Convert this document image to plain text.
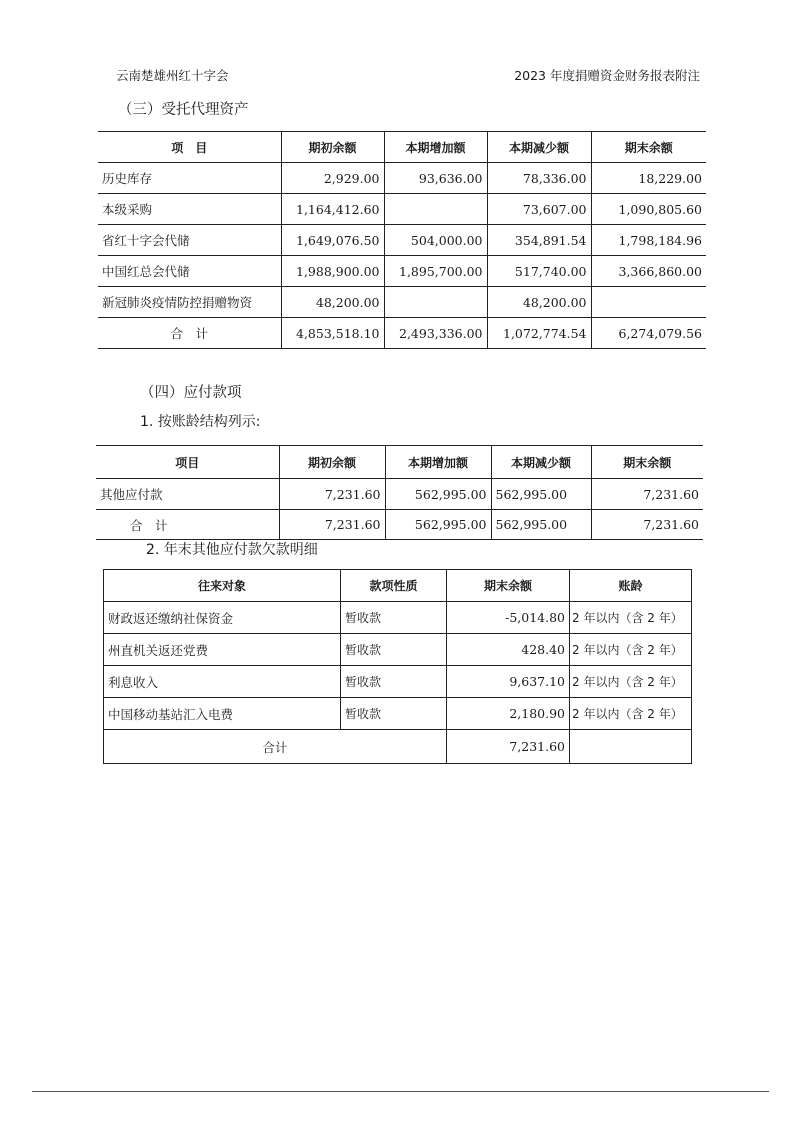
云南楚雄州红十字会	2023 年度捐赠资金财务报表附注
（三）受托代理资产
项　目	期初余额	本期增加额	本期减少额	期末余额
历史库存	2,929.00	93,636.00	78,336.00	18,229.00
本级采购	1,164,412.60		73,607.00	1,090,805.60
省红十字会代储	1,649,076.50	504,000.00	354,891.54	1,798,184.96
中国红总会代储	1,988,900.00	1,895,700.00	517,740.00	3,366,860.00
新冠肺炎疫情防控捐赠物资	48,200.00		48,200.00	
合　计	4,853,518.10	2,493,336.00	1,072,774.54	6,274,079.56
（四）应付款项
1. 按账龄结构列示:
项目	期初余额	本期增加额	本期减少额	期末余额
其他应付款	7,231.60	562,995.00	562,995.00	7,231.60
合　计	7,231.60	562,995.00	562,995.00	7,231.60
2. 年末其他应付款欠款明细
往来对象	款项性质	期末余额	账龄
财政返还缴纳社保资金	暂收款	-5,014.80	2 年以内（含 2 年）
州直机关返还党费	暂收款	428.40	2 年以内（含 2 年）
利息收入	暂收款	9,637.10	2 年以内（含 2 年）
中国移动基站汇入电费	暂收款	2,180.90	2 年以内（含 2 年）
合计		7,231.60	
